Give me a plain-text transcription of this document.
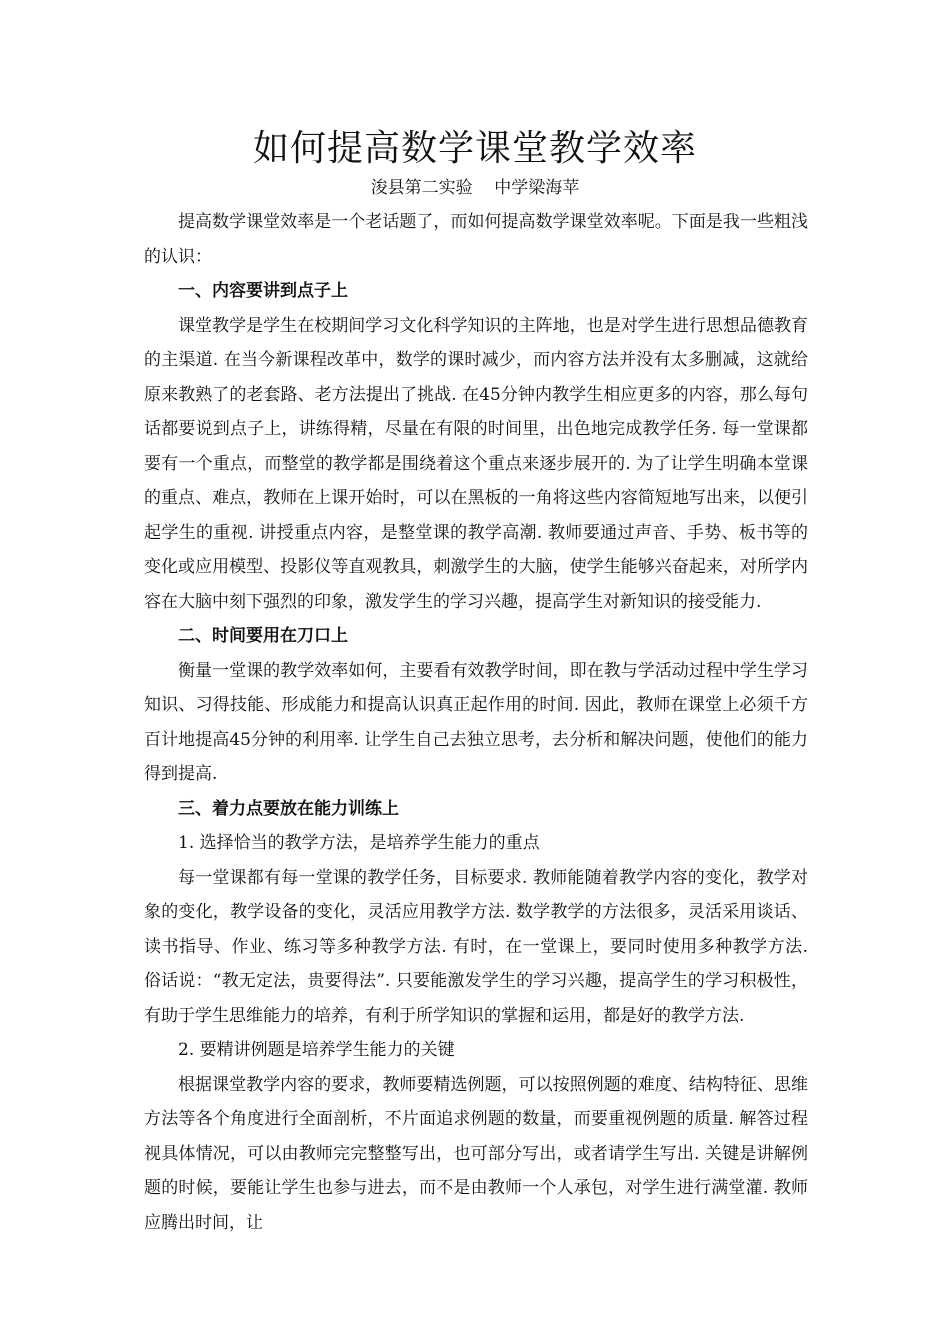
如何提高数学课堂教学效率
浚县第二实验    中学梁海苹

提高数学课堂效率是一个老话题了，而如何提高数学课堂效率呢。下面是我一些粗浅的认识：

一、内容要讲到点子上

课堂教学是学生在校期间学习文化科学知识的主阵地，也是对学生进行思想品德教育的主渠道. 在当今新课程改革中，数学的课时减少，而内容方法并没有太多删减，这就给原来教熟了的老套路、老方法提出了挑战. 在45分钟内教学生相应更多的内容，那么每句话都要说到点子上，讲练得精，尽量在有限的时间里，出色地完成教学任务. 每一堂课都要有一个重点，而整堂的教学都是围绕着这个重点来逐步展开的. 为了让学生明确本堂课的重点、难点，教师在上课开始时，可以在黑板的一角将这些内容简短地写出来，以便引起学生的重视. 讲授重点内容，是整堂课的教学高潮. 教师要通过声音、手势、板书等的变化或应用模型、投影仪等直观教具，刺激学生的大脑，使学生能够兴奋起来，对所学内容在大脑中刻下强烈的印象，激发学生的学习兴趣，提高学生对新知识的接受能力.

二、时间要用在刀口上

衡量一堂课的教学效率如何，主要看有效教学时间，即在教与学活动过程中学生学习知识、习得技能、形成能力和提高认识真正起作用的时间. 因此，教师在课堂上必须千方百计地提高45分钟的利用率. 让学生自己去独立思考，去分析和解决问题，使他们的能力得到提高.

三、着力点要放在能力训练上

1. 选择恰当的教学方法，是培养学生能力的重点

每一堂课都有每一堂课的教学任务，目标要求. 教师能随着教学内容的变化，教学对象的变化，教学设备的变化，灵活应用教学方法. 数学教学的方法很多，灵活采用谈话、读书指导、作业、练习等多种教学方法. 有时，在一堂课上，要同时使用多种教学方法. 俗话说：“教无定法，贵要得法”. 只要能激发学生的学习兴趣，提高学生的学习积极性，有助于学生思维能力的培养，有利于所学知识的掌握和运用，都是好的教学方法.

2. 要精讲例题是培养学生能力的关键

根据课堂教学内容的要求，教师要精选例题，可以按照例题的难度、结构特征、思维方法等各个角度进行全面剖析，不片面追求例题的数量，而要重视例题的质量. 解答过程视具体情况，可以由教师完完整整写出，也可部分写出，或者请学生写出. 关键是讲解例题的时候，要能让学生也参与进去，而不是由教师一个人承包，对学生进行满堂灌. 教师应腾出时间，让
